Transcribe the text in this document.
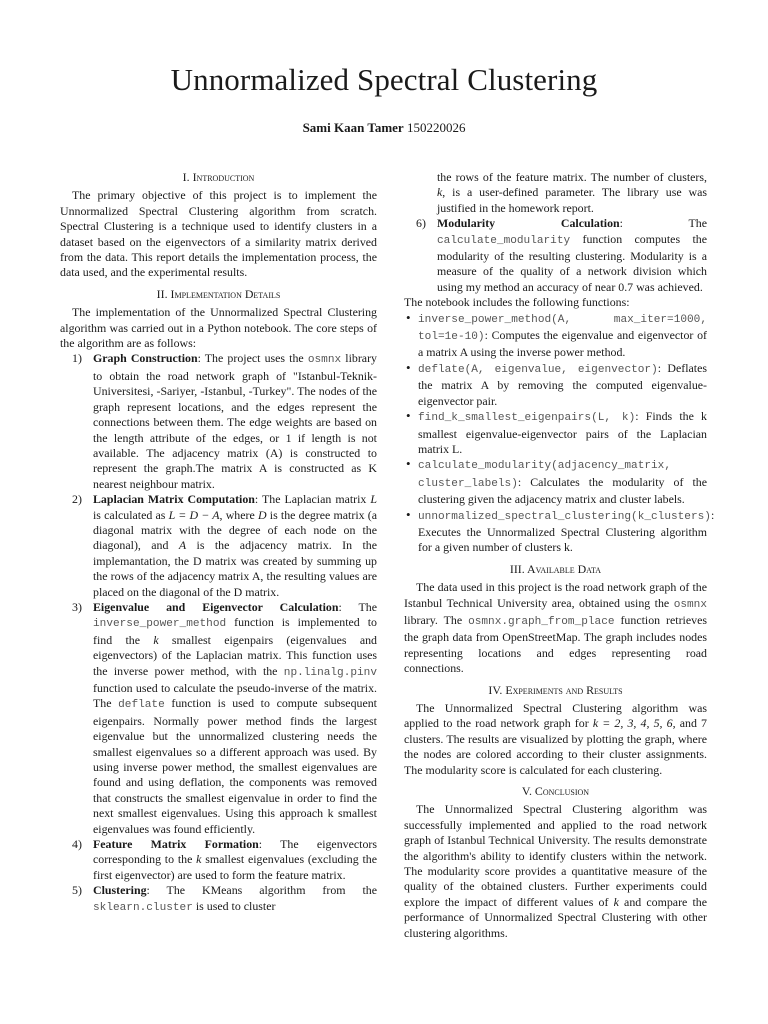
Unnormalized Spectral Clustering
Sami Kaan Tamer 150220026
I. Introduction

The primary objective of this project is to implement the Unnormalized Spectral Clustering algorithm from scratch. Spectral Clustering is a technique used to identify clusters in a dataset based on the eigenvectors of a similarity matrix derived from the data. This report details the implementation process, the data used, and the experimental results.

II. Implementation Details

The implementation of the Unnormalized Spectral Clustering algorithm was carried out in a Python notebook. The core steps of the algorithm are as follows:

1) Graph Construction: The project uses the osmnx library to obtain the road network graph of "Istanbul-Teknik-Universitesi, -Sariyer, -Istanbul, -Turkey". The nodes of the graph represent locations, and the edges represent the connections between them. The edge weights are based on the length attribute of the edges, or 1 if length is not available. The adjacency matrix (A) is constructed to represent the graph.The matrix A is constructed as K nearest neighbour matrix.
2) Laplacian Matrix Computation: The Laplacian matrix L is calculated as L = D − A, where D is the degree matrix (a diagonal matrix with the degree of each node on the diagonal), and A is the adjacency matrix. In the implemantation, the D matrix was created by summing up the rows of the adjacency matrix A, the resulting values are placed on the diagonal of the D matrix.
3) Eigenvalue and Eigenvector Calculation: The inverse_power_method function is implemented to find the k smallest eigenpairs (eigenvalues and eigenvectors) of the Laplacian matrix. This function uses the inverse power method, with the np.linalg.pinv function used to calculate the pseudo-inverse of the matrix. The deflate function is used to compute subsequent eigenpairs. Normally power method finds the largest eigenvalue but the unnormalized clustering needs the smallest eigenvalues so a different approach was used. By using inverse power method, the smallest eigenvalues are found and using deflation, the components was removed that constructs the smallest eigenvalue in order to find the next smallest eigenvalues. Using this approach k smallest eigenvalues was found efficiently.
4) Feature Matrix Formation: The eigenvectors corresponding to the k smallest eigenvalues (excluding the first eigenvector) are used to form the feature matrix.
5) Clustering: The KMeans algorithm from the sklearn.cluster is used to cluster
the rows of the feature matrix. The number of clusters, k, is a user-defined parameter. The library use was justified in the homework report.
6) Modularity Calculation: The calculate_modularity function computes the modularity of the resulting clustering. Modularity is a measure of the quality of a network division which using my method an accuracy of near 0.7 was achieved.

The notebook includes the following functions:

• inverse_power_method(A, max_iter=1000, tol=1e-10): Computes the eigenvalue and eigenvector of a matrix A using the inverse power method.
• deflate(A, eigenvalue, eigenvector): Deflates the matrix A by removing the computed eigenvalue-eigenvector pair.
• find_k_smallest_eigenpairs(L, k): Finds the k smallest eigenvalue-eigenvector pairs of the Laplacian matrix L.
• calculate_modularity(adjacency_matrix, cluster_labels): Calculates the modularity of the clustering given the adjacency matrix and cluster labels.
• unnormalized_spectral_clustering(k_clusters): Executes the Unnormalized Spectral Clustering algorithm for a given number of clusters k.
III. Available Data

The data used in this project is the road network graph of the Istanbul Technical University area, obtained using the osmnx library. The osmnx.graph_from_place function retrieves the graph data from OpenStreetMap. The graph includes nodes representing locations and edges representing road connections.

IV. Experiments and Results

The Unnormalized Spectral Clustering algorithm was applied to the road network graph for k = 2, 3, 4, 5, 6, and 7 clusters. The results are visualized by plotting the graph, where the nodes are colored according to their cluster assignments. The modularity score is calculated for each clustering.

V. Conclusion

The Unnormalized Spectral Clustering algorithm was successfully implemented and applied to the road network graph of Istanbul Technical University. The results demonstrate the algorithm's ability to identify clusters within the network. The modularity score provides a quantitative measure of the quality of the obtained clusters. Further experiments could explore the impact of different values of k and compare the performance of Unnormalized Spectral Clustering with other clustering algorithms.
